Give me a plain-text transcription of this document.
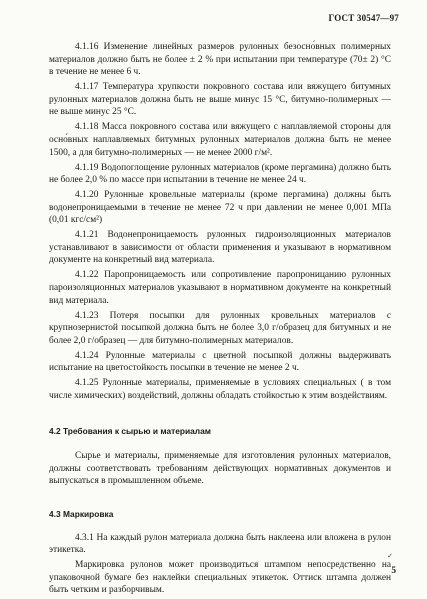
ГОСТ 30547—97

4.1.16 Изменение линейных размеров рулонных безосно́вных полимерных материалов должно быть не более ± 2 % при испытании при температуре (70± 2) °С в течение не менее 6 ч.

4.1.17 Температура хрупкости покровного состава или вяжущего битумных рулонных материалов должна быть не выше минус 15 °С, битумно-полимерных — не выше минус 25 °С.

4.1.18 Масса покровного состава или вяжущего с наплавляемой стороны для осно́вных наплавляемых битумных рулонных материалов должна быть не менее 1500, а для битумно-полимерных — не менее 2000 г/м².

4.1.19 Водопоглощение рулонных материалов (кроме пергамина) должно быть не более 2,0 % по массе при испытании в течение не менее 24 ч.

4.1.20 Рулонные кровельные материалы (кроме пергамина) должны быть водонепроницаемыми в течение не менее 72 ч при давлении не менее 0,001 МПа (0,01 кгс/см²)

4.1.21 Водонепроницаемость рулонных гидроизоляционных материалов устанавливают в зависимости от области применения и указывают в нормативном документе на конкретный вид материала.

4.1.22 Паропроницаемость или сопротивление паропроницанию рулонных пароизоляционных материалов указывают в нормативном документе на конкретный вид материала.

4.1.23 Потеря посыпки для рулонных кровельных материалов с крупнозернистой посыпкой должна быть не более 3,0 г/образец для битумных и не более 2,0 г/образец — для битумно-полимерных материалов.

4.1.24 Рулонные материалы с цветной посыпкой должны выдерживать испытание на цветостойкость посыпки в течение не менее 2 ч.

4.1.25 Рулонные материалы, применяемые в условиях специальных ( в том числе химических) воздействий, должны обладать стойкостью к этим воздействиям.

4.2 Требования к сырью и материалам

Сырье и материалы, применяемые для изготовления рулонных материалов, должны соответствовать требованиям действующих нормативных документов и выпускаться в промышленном объеме.

4.3 Маркировка

4.3.1 На каждый рулон материала должна быть наклеена или вложена в рулон этикетка.

Маркировка рулонов может производиться штампом непосредственно на упаковочной бумаге без наклейки специальных этикеток. Оттиск штампа должен быть четким и разборчивым.

✓
5
